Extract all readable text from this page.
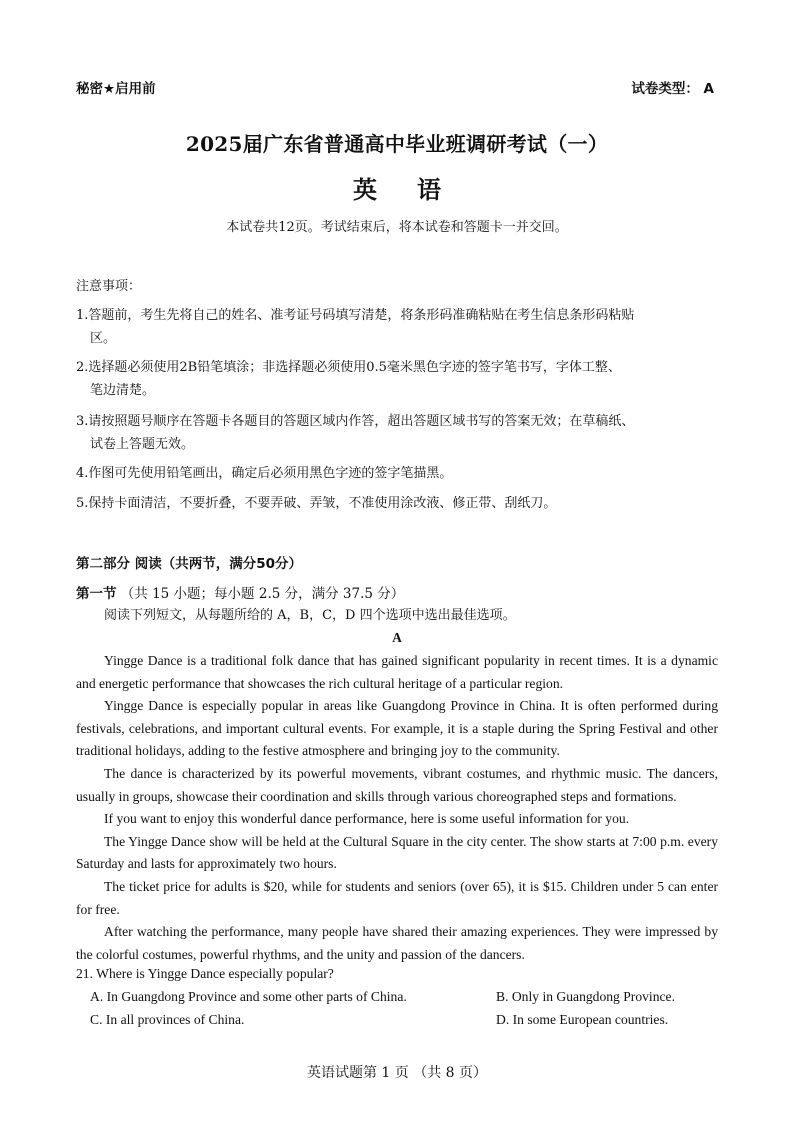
秘密★启用前	试卷类型： A
2025届广东省普通高中毕业班调研考试（一）
英语
本试卷共12页。考试结束后，将本试卷和答题卡一并交回。
注意事项：
1.答题前，考生先将自己的姓名、准考证号码填写清楚，将条形码准确粘贴在考生信息条形码粘贴
区。
2.选择题必须使用2B铅笔填涂；非选择题必须使用0.5毫米黑色字迹的签字笔书写，字体工整、
笔边清楚。
3.请按照题号顺序在答题卡各题目的答题区域内作答，超出答题区域书写的答案无效；在草稿纸、
试卷上答题无效。
4.作图可先使用铅笔画出，确定后必须用黑色字迹的签字笔描黑。
5.保持卡面清洁，不要折叠，不要弄破、弄皱，不准使用涂改液、修正带、刮纸刀。
第二部分 阅读（共两节，满分50分）
第一节 （共 15 小题；每小题 2.5 分，满分 37.5 分）
阅读下列短文，从每题所给的 A，B，C，D 四个选项中选出最佳选项。
A

Yingge Dance is a traditional folk dance that has gained significant popularity in recent times. It is a dynamic and energetic performance that showcases the rich cultural heritage of a particular region.

Yingge Dance is especially popular in areas like Guangdong Province in China. It is often performed during festivals, celebrations, and important cultural events. For example, it is a staple during the Spring Festival and other traditional holidays, adding to the festive atmosphere and bringing joy to the community.

The dance is characterized by its powerful movements, vibrant costumes, and rhythmic music. The dancers, usually in groups, showcase their coordination and skills through various choreographed steps and formations.

If you want to enjoy this wonderful dance performance, here is some useful information for you.

The Yingge Dance show will be held at the Cultural Square in the city center. The show starts at 7:00 p.m. every Saturday and lasts for approximately two hours.

The ticket price for adults is $20, while for students and seniors (over 65), it is $15. Children under 5 can enter for free.

After watching the performance, many people have shared their amazing experiences. They were impressed by the colorful costumes, powerful rhythms, and the unity and passion of the dancers.

21. Where is Yingge Dance especially popular?
A. In Guangdong Province and some other parts of China.	B. Only in Guangdong Province.
C. In all provinces of China.	D. In some European countries.
英语试题第 1 页 （共 8 页）
